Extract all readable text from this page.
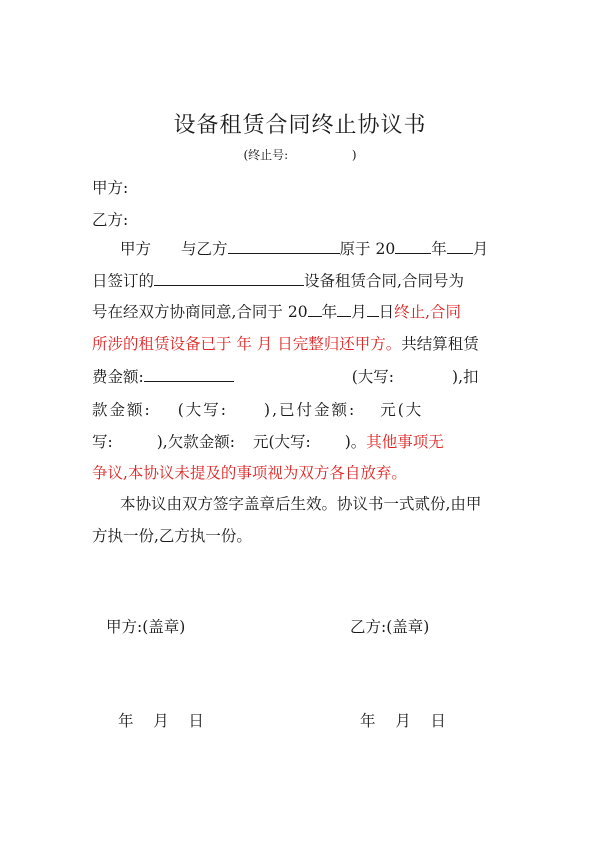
设备租赁合同终止协议书
(终止号:	)
甲方:
乙方:
甲方 与乙方	原于 20 年 月
日签订的	设备租赁合同,合同号为
号在经双方协商同意,合同于 20 年 月 日终止,合同
所涉的租赁设备已于 年 月 日完整归还甲方。共结算租赁
费金额:	(大写:	),扣
款金额: (大写: ),已付金额: 元(大
写:	),欠款金额: 元(大写: )。其他事项无
争议,本协议未提及的事项视为双方各自放弃。
本协议由双方签字盖章后生效。协议书一式贰份,由甲
方执一份,乙方执一份。
甲方:(盖章)	乙方:(盖章)
年    月    日	年    月    日
